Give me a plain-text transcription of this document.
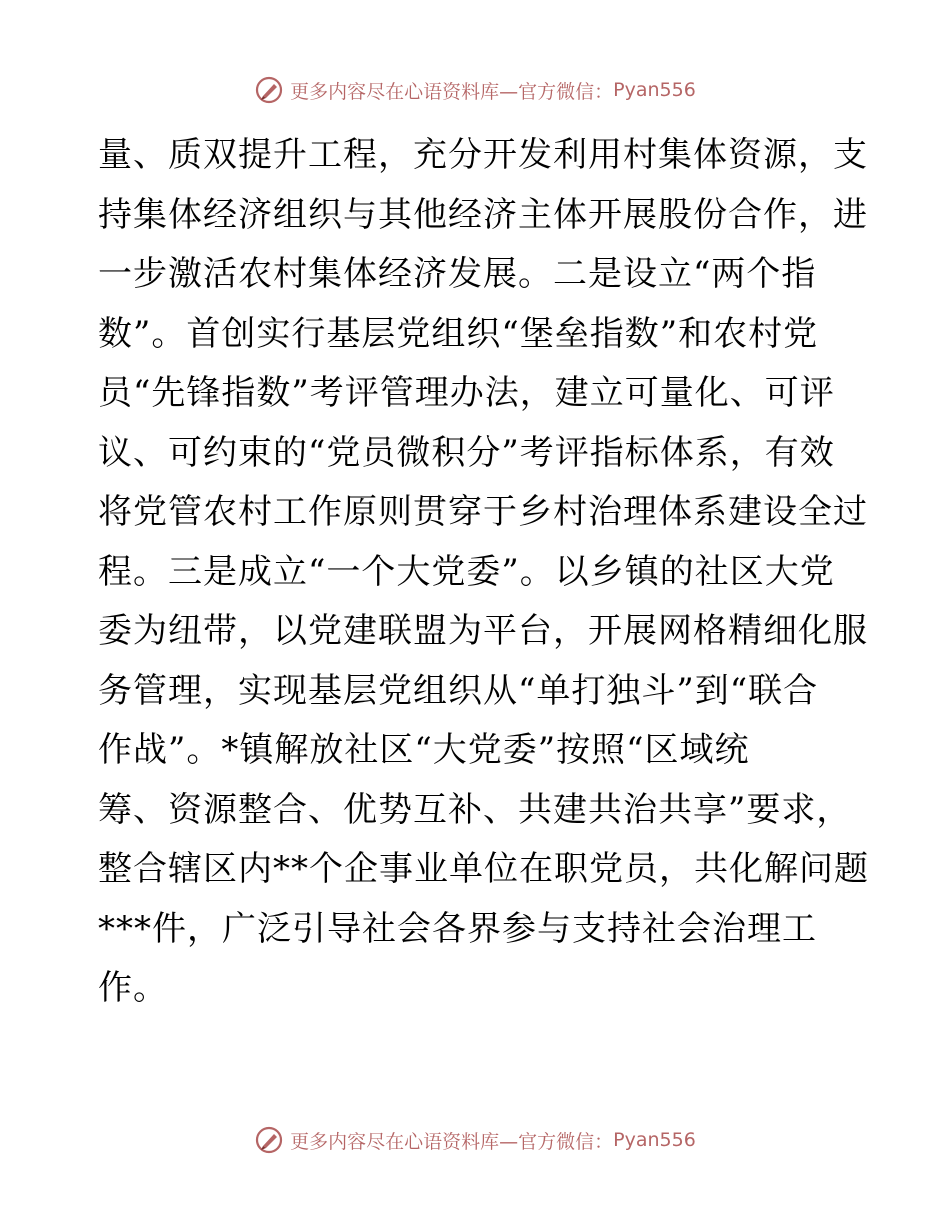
更多内容尽在心语资料库—官方微信： Pyan556
量、质双提升工程，充分开发利用村集体资源，支
持集体经济组织与其他经济主体开展股份合作，进
一步激活农村集体经济发展。二是设立“两个指
数”。首创实行基层党组织“堡垒指数”和农村党
员“先锋指数”考评管理办法，建立可量化、可评
议、可约束的“党员微积分”考评指标体系，有效
将党管农村工作原则贯穿于乡村治理体系建设全过
程。三是成立“一个大党委”。以乡镇的社区大党
委为纽带，以党建联盟为平台，开展网格精细化服
务管理，实现基层党组织从“单打独斗”到“联合
作战”。*镇解放社区“大党委”按照“区域统
筹、资源整合、优势互补、共建共治共享”要求，
整合辖区内**个企事业单位在职党员，共化解问题
***件，广泛引导社会各界参与支持社会治理工
作。
更多内容尽在心语资料库—官方微信： Pyan556
